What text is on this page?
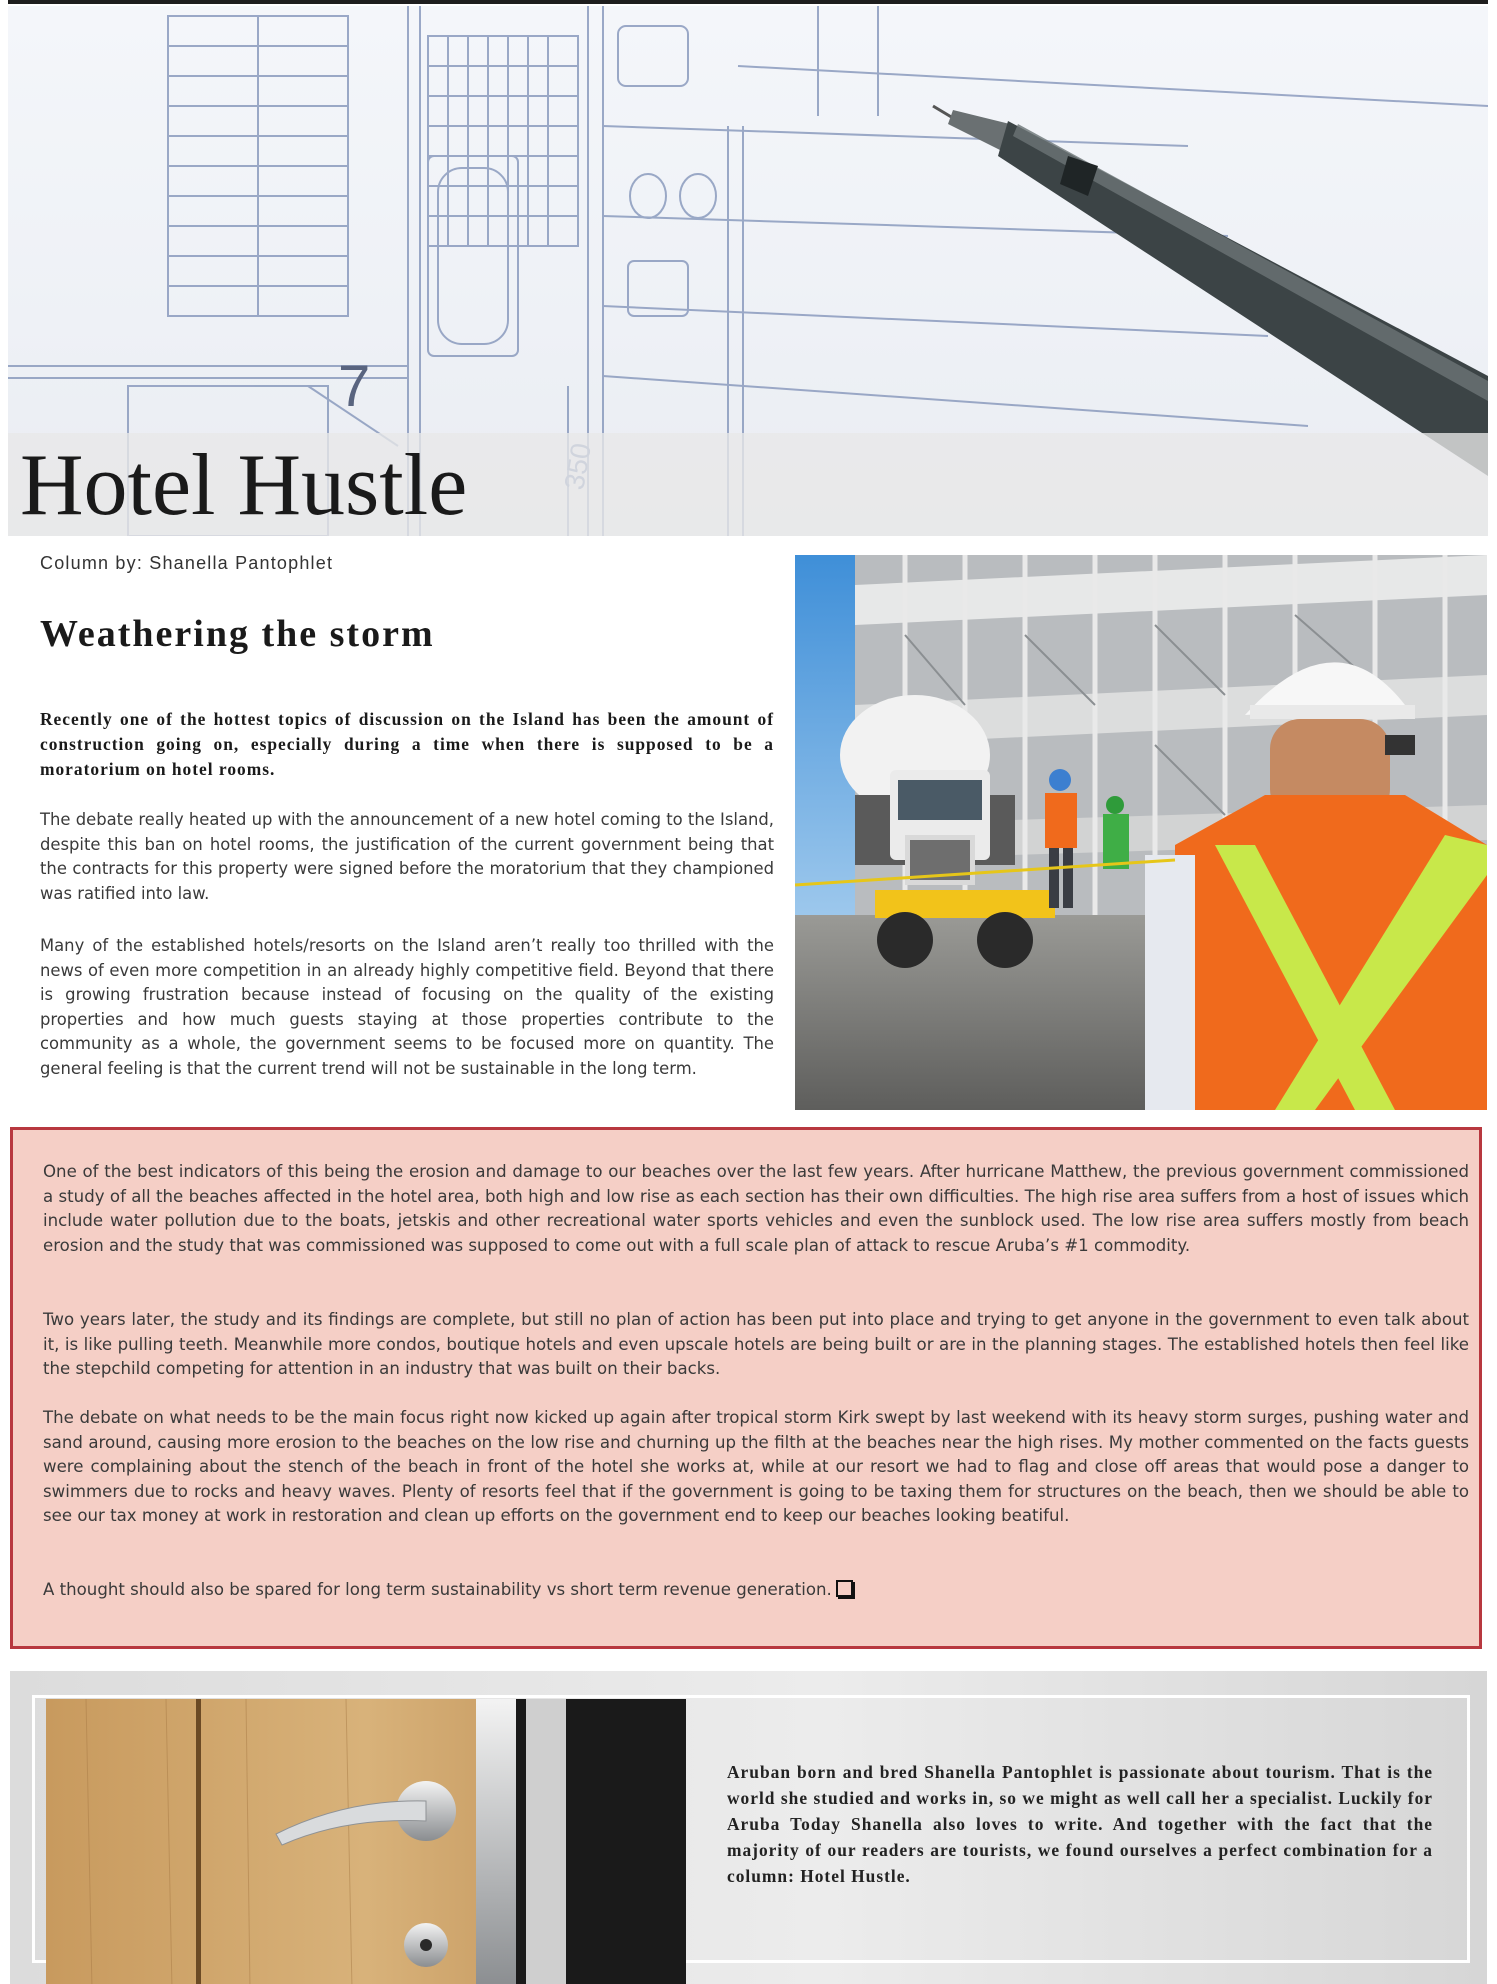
7
Hotel Hustle
Column by: Shanella Pantophlet
Weathering the storm

Recently one of the hottest topics of discussion on the Island has been the amount of construction going on, especially during a time when there is supposed to be a moratorium on hotel rooms.

The debate really heated up with the announcement of a new hotel coming to the Island, despite this ban on hotel rooms, the justification of the current government being that the contracts for this property were signed before the moratorium that they championed was ratified into law.

Many of the established hotels/resorts on the Island aren’t really too thrilled with the news of even more competition in an already highly competitive field. Beyond that there is growing frustration because instead of focusing on the quality of the existing properties and how much guests staying at those properties contribute to the community as a whole, the government seems to be focused more on quantity. The general feeling is that the current trend will not be sustainable in the long term.

One of the best indicators of this being the erosion and damage to our beaches over the last few years. After hurricane Matthew, the previous government commissioned a study of all the beaches affected in the hotel area, both high and low rise as each section has their own difficulties. The high rise area suffers from a host of issues which include water pollution due to the boats, jetskis and other recreational water sports vehicles and even the sunblock used. The low rise area suffers mostly from beach erosion and the study that was commissioned was supposed to come out with a full scale plan of attack to rescue Aruba’s #1 commodity.

Two years later, the study and its findings are complete, but still no plan of action has been put into place and trying to get anyone in the government to even talk about it, is like pulling teeth. Meanwhile more condos, boutique hotels and even upscale hotels are being built or are in the planning stages. The established hotels then feel like the stepchild competing for attention in an industry that was built on their backs.

The debate on what needs to be the main focus right now kicked up again after tropical storm Kirk swept by last weekend with its heavy storm surges, pushing water and sand around, causing more erosion to the beaches on the low rise and churning up the filth at the beaches near the high rises. My mother commented on the facts guests were complaining about the stench of the beach in front of the hotel she works at, while at our resort we had to flag and close off areas that would pose a danger to swimmers due to rocks and heavy waves. Plenty of resorts feel that if the government is going to be taxing them for structures on the beach, then we should be able to see our tax money at work in restoration and clean up efforts on the government end to keep our beaches looking beatiful.

A thought should also be spared for long term sustainability vs short term revenue generation.

Aruban born and bred Shanella Pantophlet is passionate about tourism. That is the world she studied and works in, so we might as well call her a specialist. Luckily for Aruba Today Shanella also loves to write. And together with the fact that the majority of our readers are tourists, we found ourselves a perfect combination for a column: Hotel Hustle.
